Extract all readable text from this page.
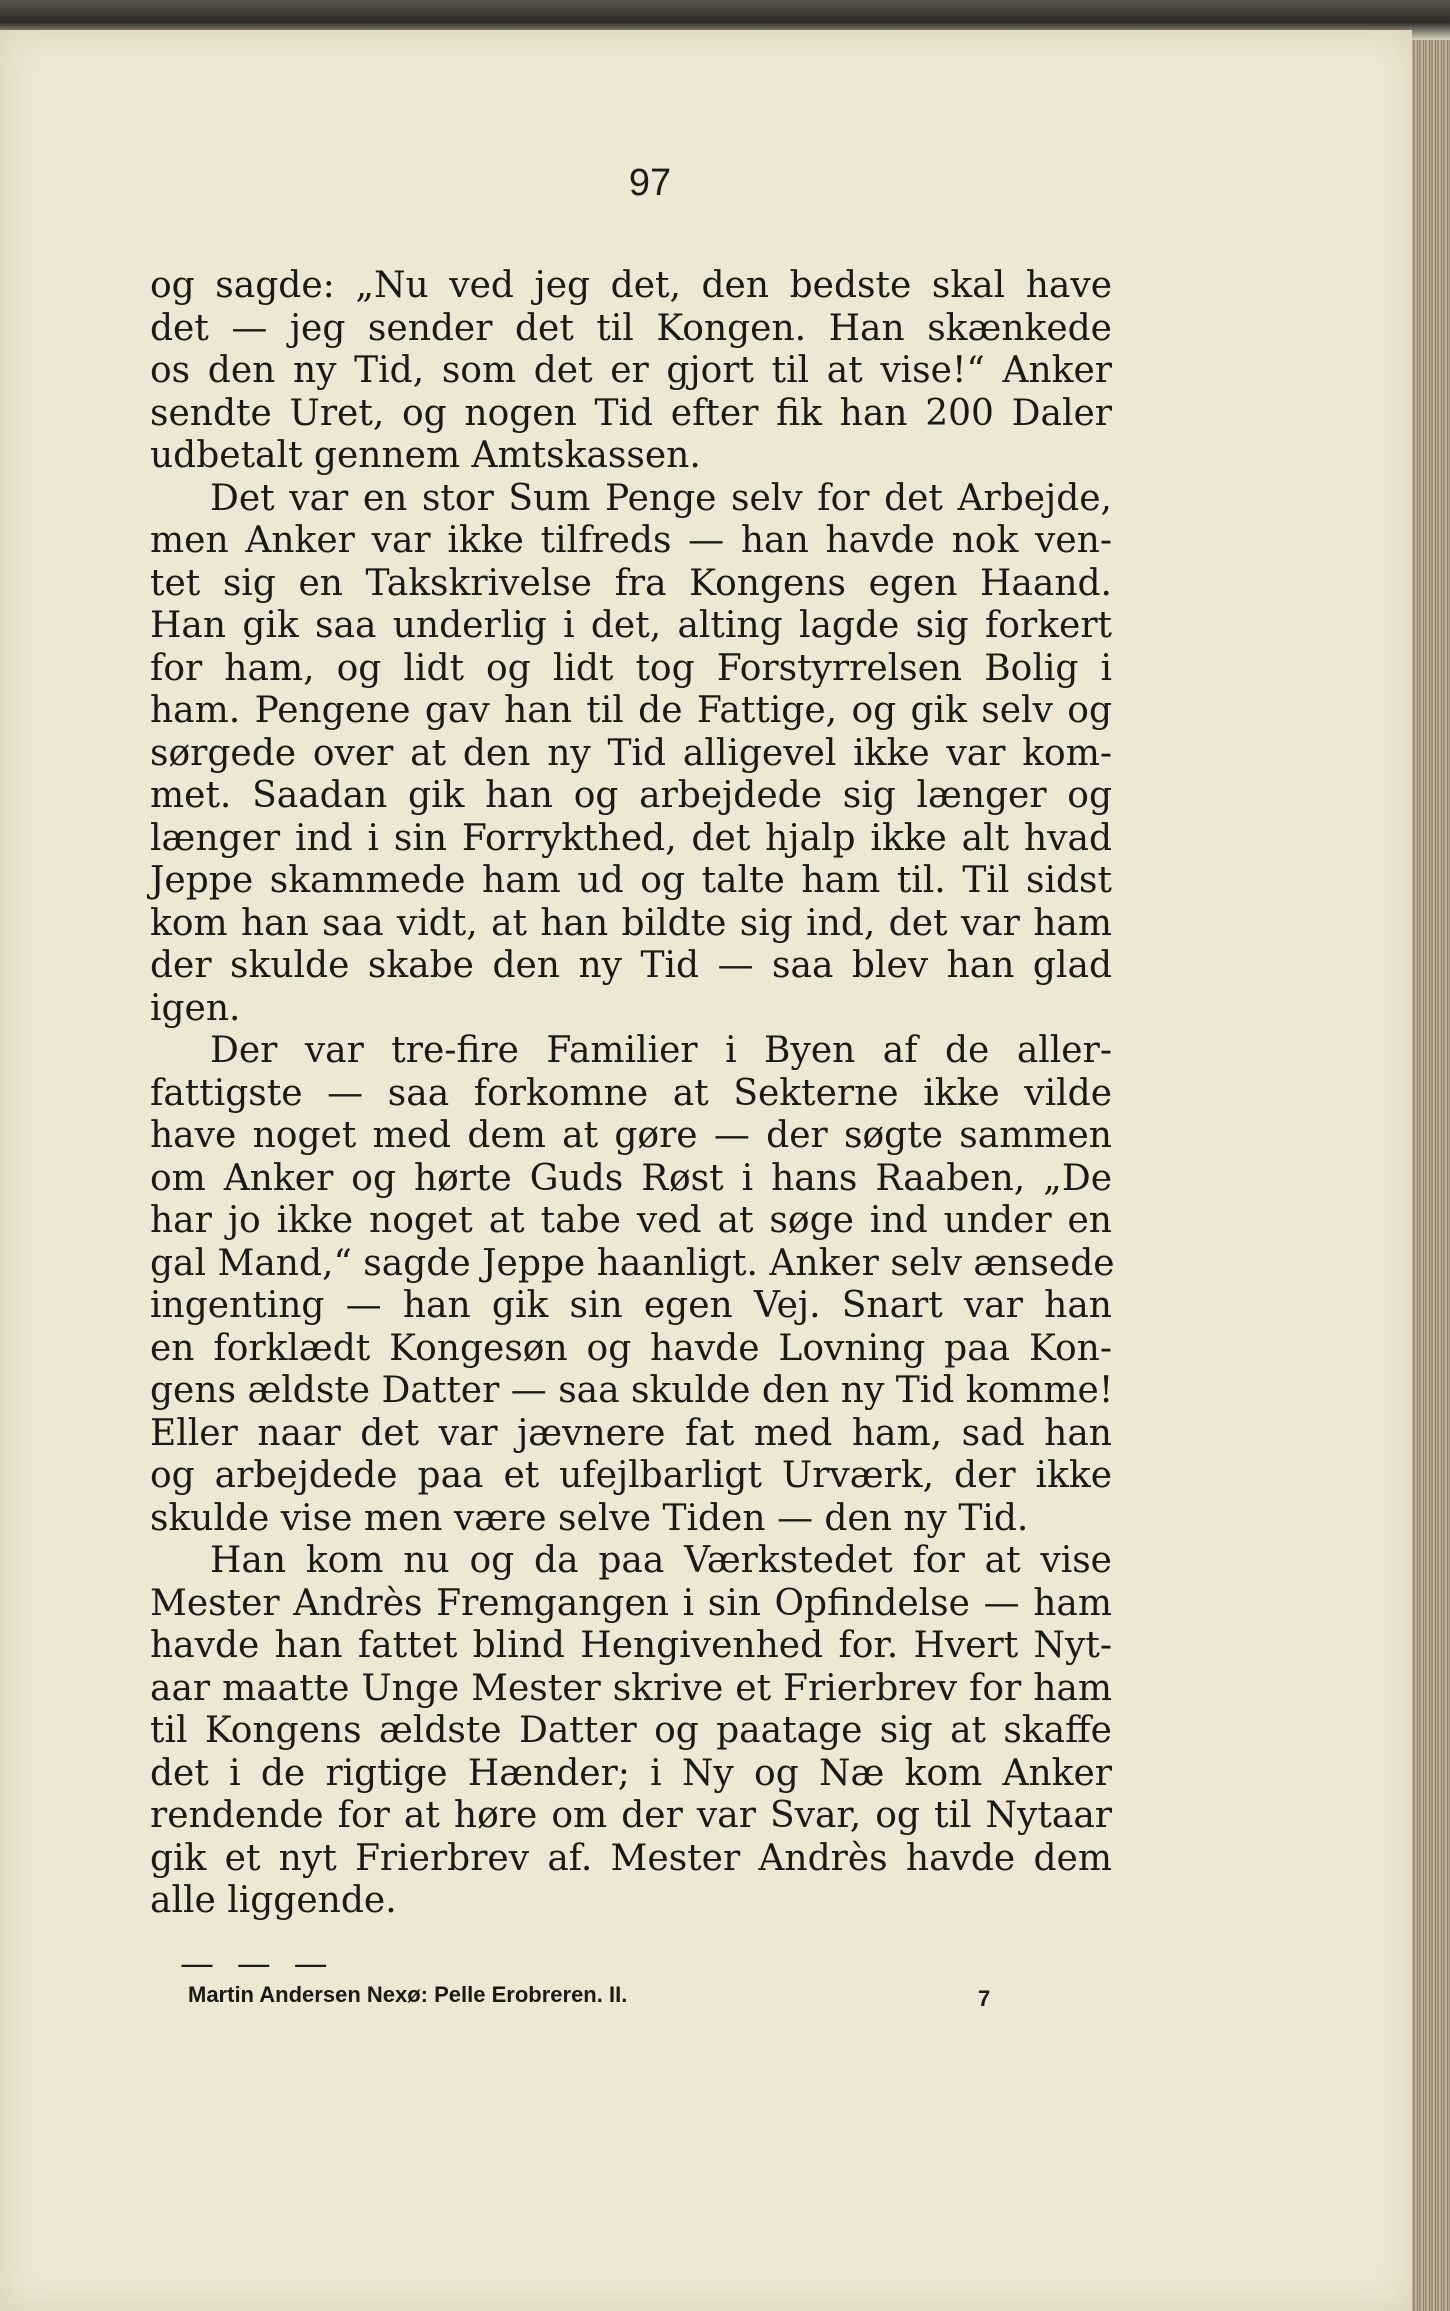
97
og sagde: „Nu ved jeg det, den bedste skal have
det — jeg sender det til Kongen. Han skænkede
os den ny Tid, som det er gjort til at vise!“ Anker
sendte Uret, og nogen Tid efter fik han 200 Daler
udbetalt gennem Amtskassen.
Det var en stor Sum Penge selv for det Arbejde,
men Anker var ikke tilfreds — han havde nok ven-
tet sig en Takskrivelse fra Kongens egen Haand.
Han gik saa underlig i det, alting lagde sig forkert
for ham, og lidt og lidt tog Forstyrrelsen Bolig i
ham. Pengene gav han til de Fattige, og gik selv og
sørgede over at den ny Tid alligevel ikke var kom-
met. Saadan gik han og arbejdede sig længer og
længer ind i sin Forrykthed, det hjalp ikke alt hvad
Jeppe skammede ham ud og talte ham til. Til sidst
kom han saa vidt, at han bildte sig ind, det var ham
der skulde skabe den ny Tid — saa blev han glad
igen.
Der var tre-fire Familier i Byen af de aller-
fattigste — saa forkomne at Sekterne ikke vilde
have noget med dem at gøre — der søgte sammen
om Anker og hørte Guds Røst i hans Raaben, „De
har jo ikke noget at tabe ved at søge ind under en
gal Mand,“ sagde Jeppe haanligt. Anker selv ænsede
ingenting — han gik sin egen Vej. Snart var han
en forklædt Kongesøn og havde Lovning paa Kon-
gens ældste Datter — saa skulde den ny Tid komme!
Eller naar det var jævnere fat med ham, sad han
og arbejdede paa et ufejlbarligt Urværk, der ikke
skulde vise men være selve Tiden — den ny Tid.
Han kom nu og da paa Værkstedet for at vise
Mester Andrès Fremgangen i sin Opfindelse — ham
havde han fattet blind Hengivenhed for. Hvert Nyt-
aar maatte Unge Mester skrive et Frierbrev for ham
til Kongens ældste Datter og paatage sig at skaffe
det i de rigtige Hænder; i Ny og Næ kom Anker
rendende for at høre om der var Svar, og til Nytaar
gik et nyt Frierbrev af. Mester Andrès havde dem
alle liggende.
— — —
Martin Andersen Nexø: Pelle Erobreren. II.	7
